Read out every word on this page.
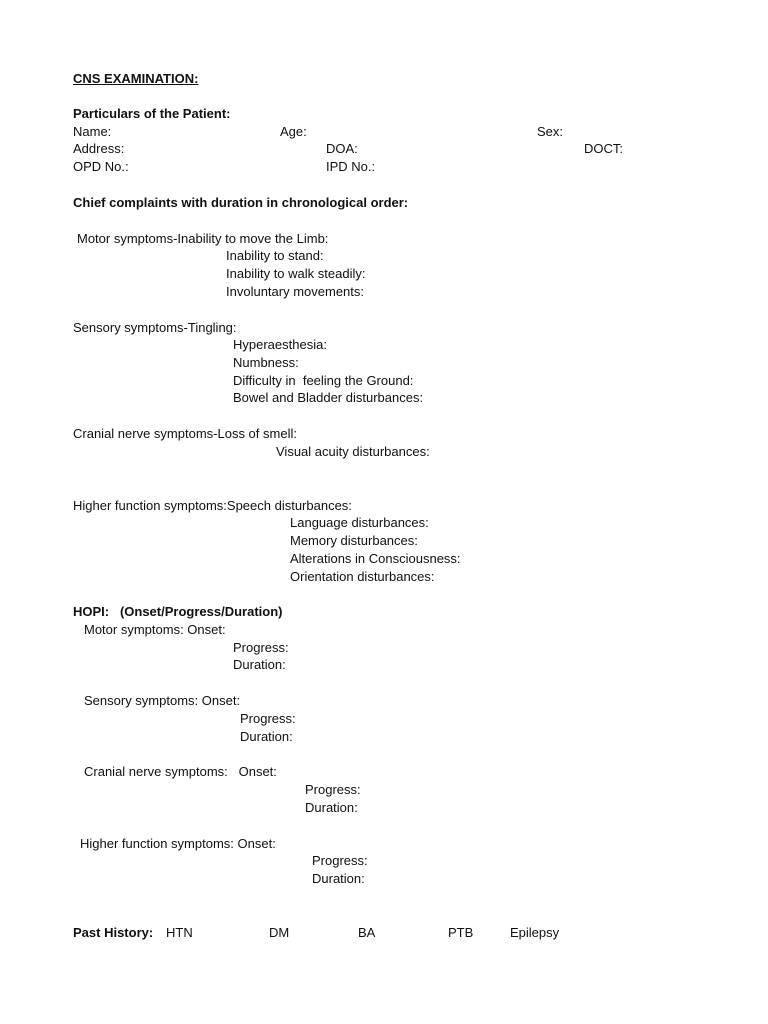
CNS EXAMINATION:
Particulars of the Patient:
Name:	Age:	Sex:
Address:	DOA:	DOCT:
OPD No.:	IPD No.:
Chief complaints with duration in chronological order:
Motor symptoms-Inability to move the Limb:
Inability to stand:
Inability to walk steadily:
Involuntary movements:
Sensory symptoms-Tingling:
Hyperaesthesia:
Numbness:
Difficulty in  feeling the Ground:
Bowel and Bladder disturbances:
Cranial nerve symptoms-Loss of smell:
Visual acuity disturbances:
Higher function symptoms:Speech disturbances:
Language disturbances:
Memory disturbances:
Alterations in Consciousness:
Orientation disturbances:
HOPI:   (Onset/Progress/Duration)
Motor symptoms: Onset:
Progress:
Duration:
Sensory symptoms: Onset:
Progress:
Duration:
Cranial nerve symptoms:   Onset:
Progress:
Duration:
Higher function symptoms: Onset:
Progress:
Duration:
Past History: HTN	DM	BA	PTB	Epilepsy
